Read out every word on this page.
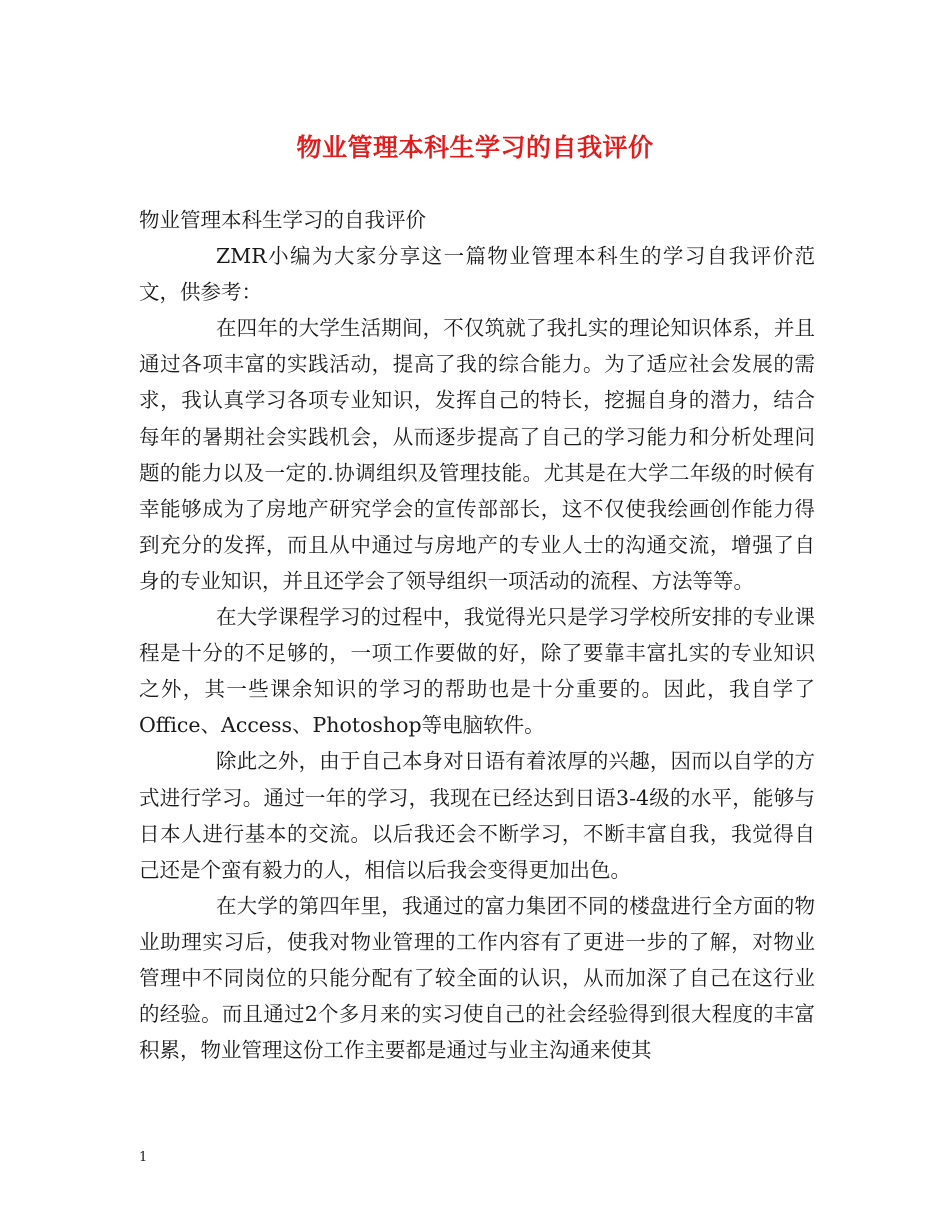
物业管理本科生学习的自我评价

物业管理本科生学习的自我评价

ZMR小编为大家分享这一篇物业管理本科生的学习自我评价范文，供参考：

在四年的大学生活期间，不仅筑就了我扎实的理论知识体系，并且通过各项丰富的实践活动，提高了我的综合能力。为了适应社会发展的需求，我认真学习各项专业知识，发挥自己的特长，挖掘自身的潜力，结合每年的暑期社会实践机会，从而逐步提高了自己的学习能力和分析处理问题的能力以及一定的.协调组织及管理技能。尤其是在大学二年级的时候有幸能够成为了房地产研究学会的宣传部部长，这不仅使我绘画创作能力得到充分的发挥，而且从中通过与房地产的专业人士的沟通交流，增强了自身的专业知识，并且还学会了领导组织一项活动的流程、方法等等。

在大学课程学习的过程中，我觉得光只是学习学校所安排的专业课程是十分的不足够的，一项工作要做的好，除了要靠丰富扎实的专业知识之外，其一些课余知识的学习的帮助也是十分重要的。因此，我自学了Office、Access、Photoshop等电脑软件。

除此之外，由于自己本身对日语有着浓厚的兴趣，因而以自学的方式进行学习。通过一年的学习，我现在已经达到日语3-4级的水平，能够与日本人进行基本的交流。以后我还会不断学习，不断丰富自我，我觉得自己还是个蛮有毅力的人，相信以后我会变得更加出色。

在大学的第四年里，我通过的富力集团不同的楼盘进行全方面的物业助理实习后，使我对物业管理的工作内容有了更进一步的了解，对物业管理中不同岗位的只能分配有了较全面的认识，从而加深了自己在这行业的经验。而且通过2个多月来的实习使自己的社会经验得到很大程度的丰富积累，物业管理这份工作主要都是通过与业主沟通来使其

1
